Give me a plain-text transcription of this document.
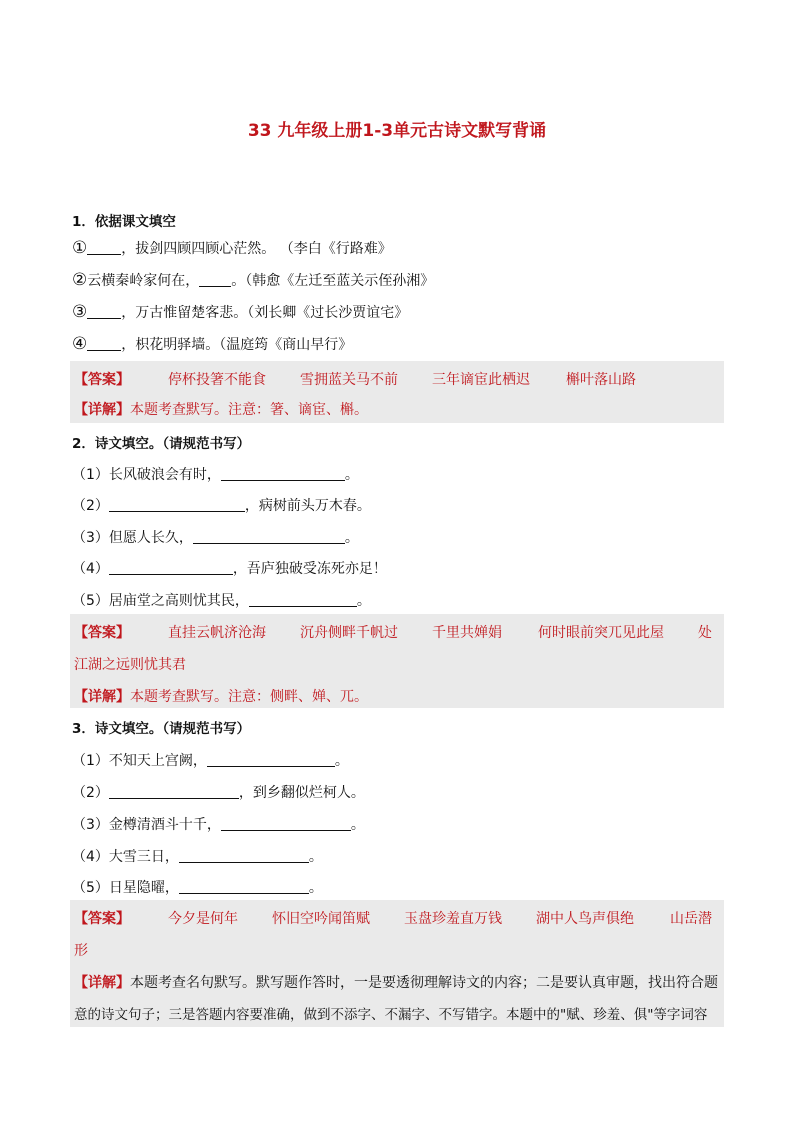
33 九年级上册1-3单元古诗文默写背诵
1．依据课文填空
① ，拔剑四顾四顾心茫然。 （李白《行路难》
②云横秦岭家何在， 。（韩愈《左迁至蓝关示侄孙湘》
③ ，万古惟留楚客悲。（刘长卿《过长沙贾谊宅》
④ ，枳花明驿墙。（温庭筠《商山早行》
【答案】	停杯投箸不能食 雪拥蓝关马不前 三年谪宦此栖迟	槲叶落山路
【详解】本题考查默写。注意：箸、谪宦、槲。
2．诗文填空。（请规范书写）
（1）长风破浪会有时，	。
（2）	，病树前头万木春。
（3）但愿人长久，	。
（4）	，吾庐独破受冻死亦足！
（5）居庙堂之高则忧其民，	。
【答案】	直挂云帆济沧海 沉舟侧畔千帆过 千里共婵娟	何时眼前突兀见此屋 处
江湖之远则忧其君
【详解】本题考查默写。注意：侧畔、婵、兀。
3．诗文填空。（请规范书写）
（1）不知天上宫阙，	。
（2）	，到乡翻似烂柯人。
（3）金樽清酒斗十千，	。
（4）大雪三日，	。
（5）日星隐曜，	。
【答案】	今夕是何年 怀旧空吟闻笛赋 玉盘珍羞直万钱 湖中人鸟声俱绝	山岳潜
形
【详解】本题考查名句默写。默写题作答时，一是要透彻理解诗文的内容；二是要认真审题，找出符合题
意的诗文句子；三是答题内容要准确，做到不添字、不漏字、不写错字。本题中的"赋、珍羞、俱"等字词容
